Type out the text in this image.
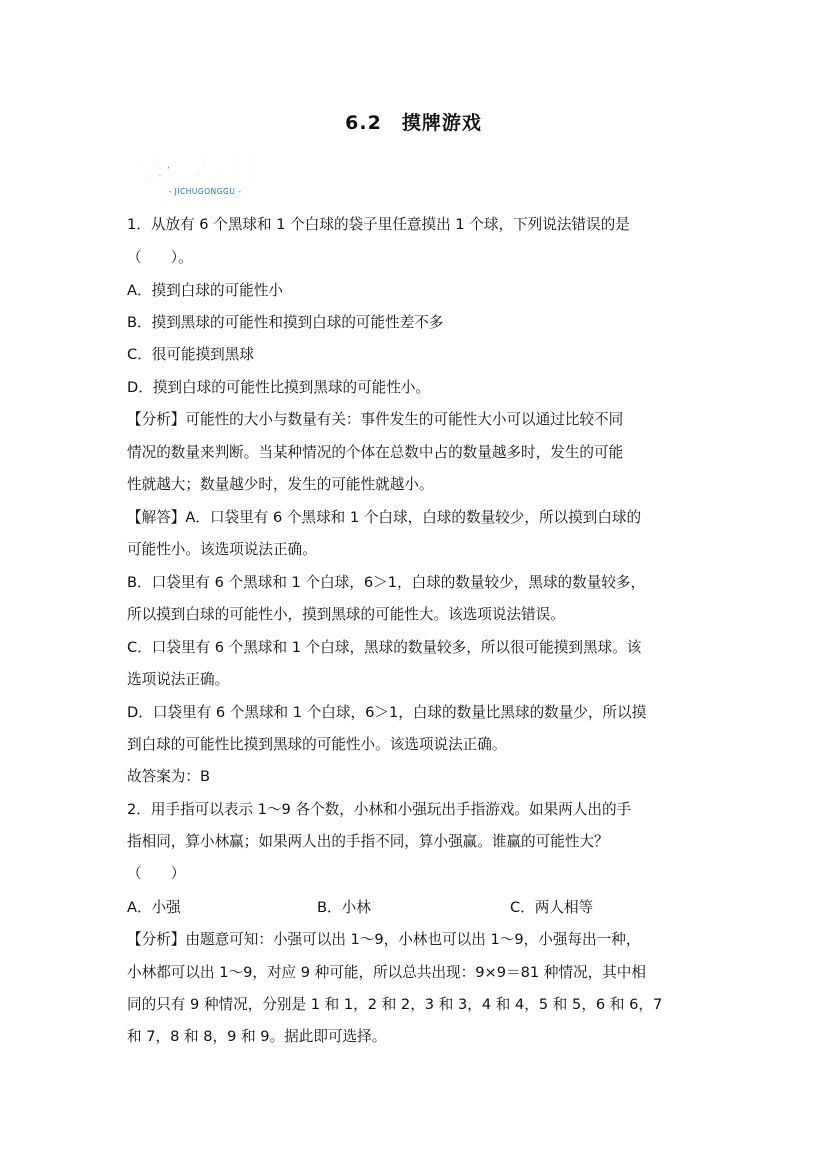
6.2　摸牌游戏
基础巩固
- JICHUGONGGU -
1．从放有 6 个黑球和 1 个白球的袋子里任意摸出 1 个球，下列说法错误的是
（　　）。
A．摸到白球的可能性小
B．摸到黑球的可能性和摸到白球的可能性差不多
C．很可能摸到黑球
D．摸到白球的可能性比摸到黑球的可能性小。
【分析】可能性的大小与数量有关：事件发生的可能性大小可以通过比较不同
情况的数量来判断。当某种情况的个体在总数中占的数量越多时，发生的可能
性就越大；数量越少时，发生的可能性就越小。
【解答】A．口袋里有 6 个黑球和 1 个白球，白球的数量较少，所以摸到白球的
可能性小。该选项说法正确。
B．口袋里有 6 个黑球和 1 个白球，6＞1，白球的数量较少，黑球的数量较多，
所以摸到白球的可能性小，摸到黑球的可能性大。该选项说法错误。
C．口袋里有 6 个黑球和 1 个白球，黑球的数量较多，所以很可能摸到黑球。该
选项说法正确。
D．口袋里有 6 个黑球和 1 个白球，6＞1，白球的数量比黑球的数量少，所以摸
到白球的可能性比摸到黑球的可能性小。该选项说法正确。
故答案为：B
2．用手指可以表示 1～9 各个数，小林和小强玩出手指游戏。如果两人出的手
指相同，算小林赢；如果两人出的手指不同，算小强赢。谁赢的可能性大？
（　　）
A．小强	B．小林	C．两人相等
【分析】由题意可知：小强可以出 1～9，小林也可以出 1～9，小强每出一种，
小林都可以出 1～9，对应 9 种可能，所以总共出现：9×9＝81 种情况，其中相
同的只有 9 种情况，分别是 1 和 1，2 和 2，3 和 3，4 和 4，5 和 5，6 和 6，7
和 7，8 和 8，9 和 9。据此即可选择。
